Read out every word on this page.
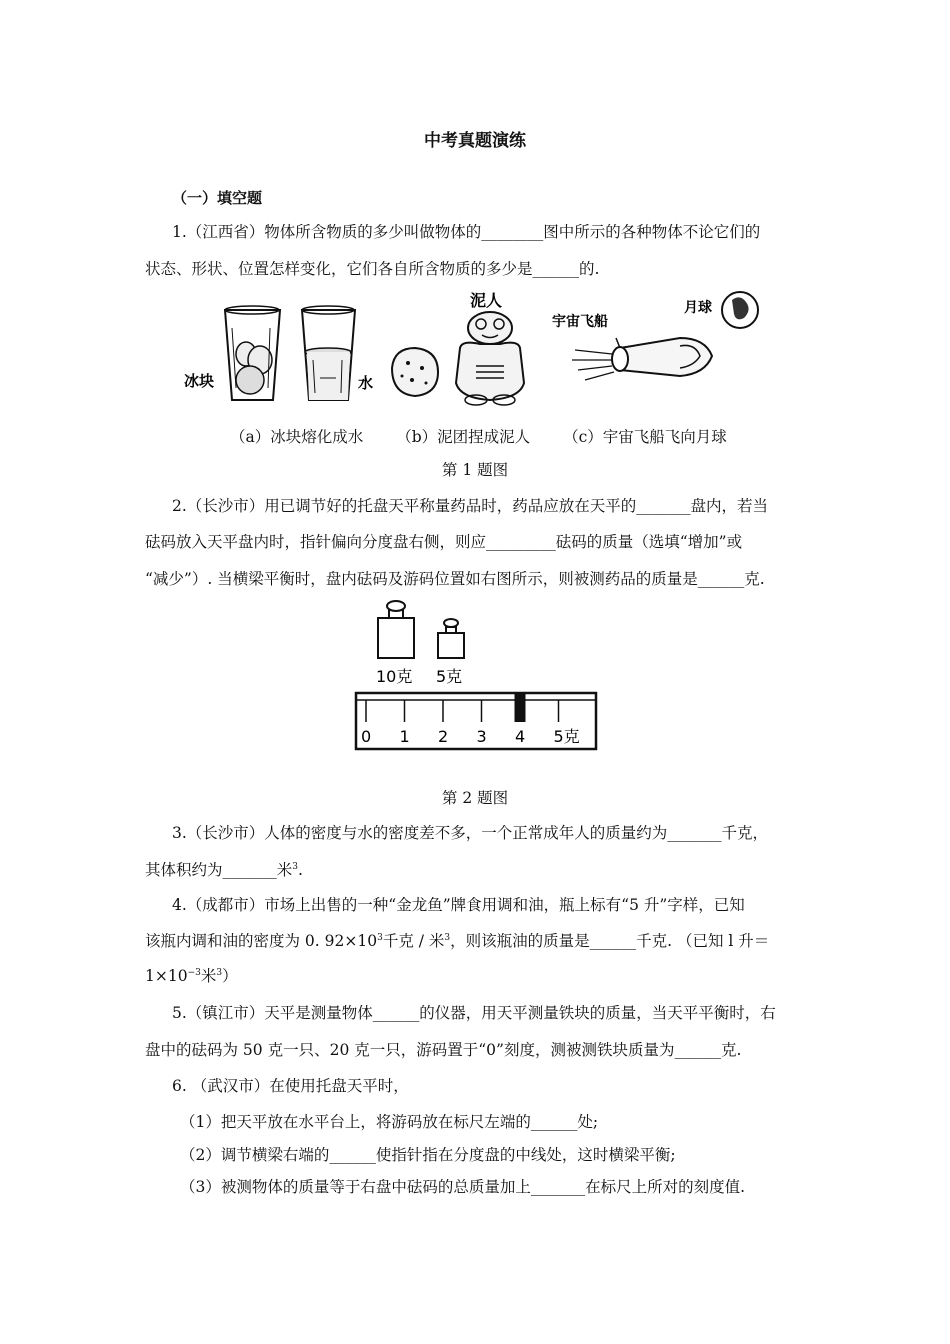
中考真题演练
（一）填空题
1.（江西省）物体所含物质的多少叫做物体的________图中所示的各种物体不论它们的
状态、形状、位置怎样变化，它们各自所含物质的多少是______的.
冰块	水
泥人
宇宙飞船
月球
（a）冰块熔化成水 （b）泥团捏成泥人 （c）宇宙飞船飞向月球
第 1 题图
2.（长沙市）用已调节好的托盘天平称量药品时，药品应放在天平的_______盘内，若当
砝码放入天平盘内时，指针偏向分度盘右侧，则应_________砝码的质量（选填“增加”或
“减少”）. 当横梁平衡时，盘内砝码及游码位置如右图所示，则被测药品的质量是______克.
10克 5克
0 1 2 3 4 5克
第 2 题图
3.（长沙市）人体的密度与水的密度差不多，一个正常成年人的质量约为_______千克，
其体积约为_______米$^3$.
4.（成都市）市场上出售的一种“金龙鱼”牌食用调和油，瓶上标有“5 升”字样，已知
该瓶内调和油的密度为 0. $92\times 10^3$千克 / 米$^3$，则该瓶油的质量是______千克. （已知 l 升＝
$1\times 10^{-3}$米$^3$）
5.（镇江市）天平是测量物体______的仪器，用天平测量铁块的质量，当天平平衡时，右
盘中的砝码为 50 克一只、20 克一只，游码置于“0”刻度，测被测铁块质量为______克.
6. （武汉市）在使用托盘天平时，
（1）把天平放在水平台上，将游码放在标尺左端的______处;
（2）调节横梁右端的______使指针指在分度盘的中线处，这时横梁平衡;
（3）被测物体的质量等于右盘中砝码的总质量加上_______在标尺上所对的刻度值.
